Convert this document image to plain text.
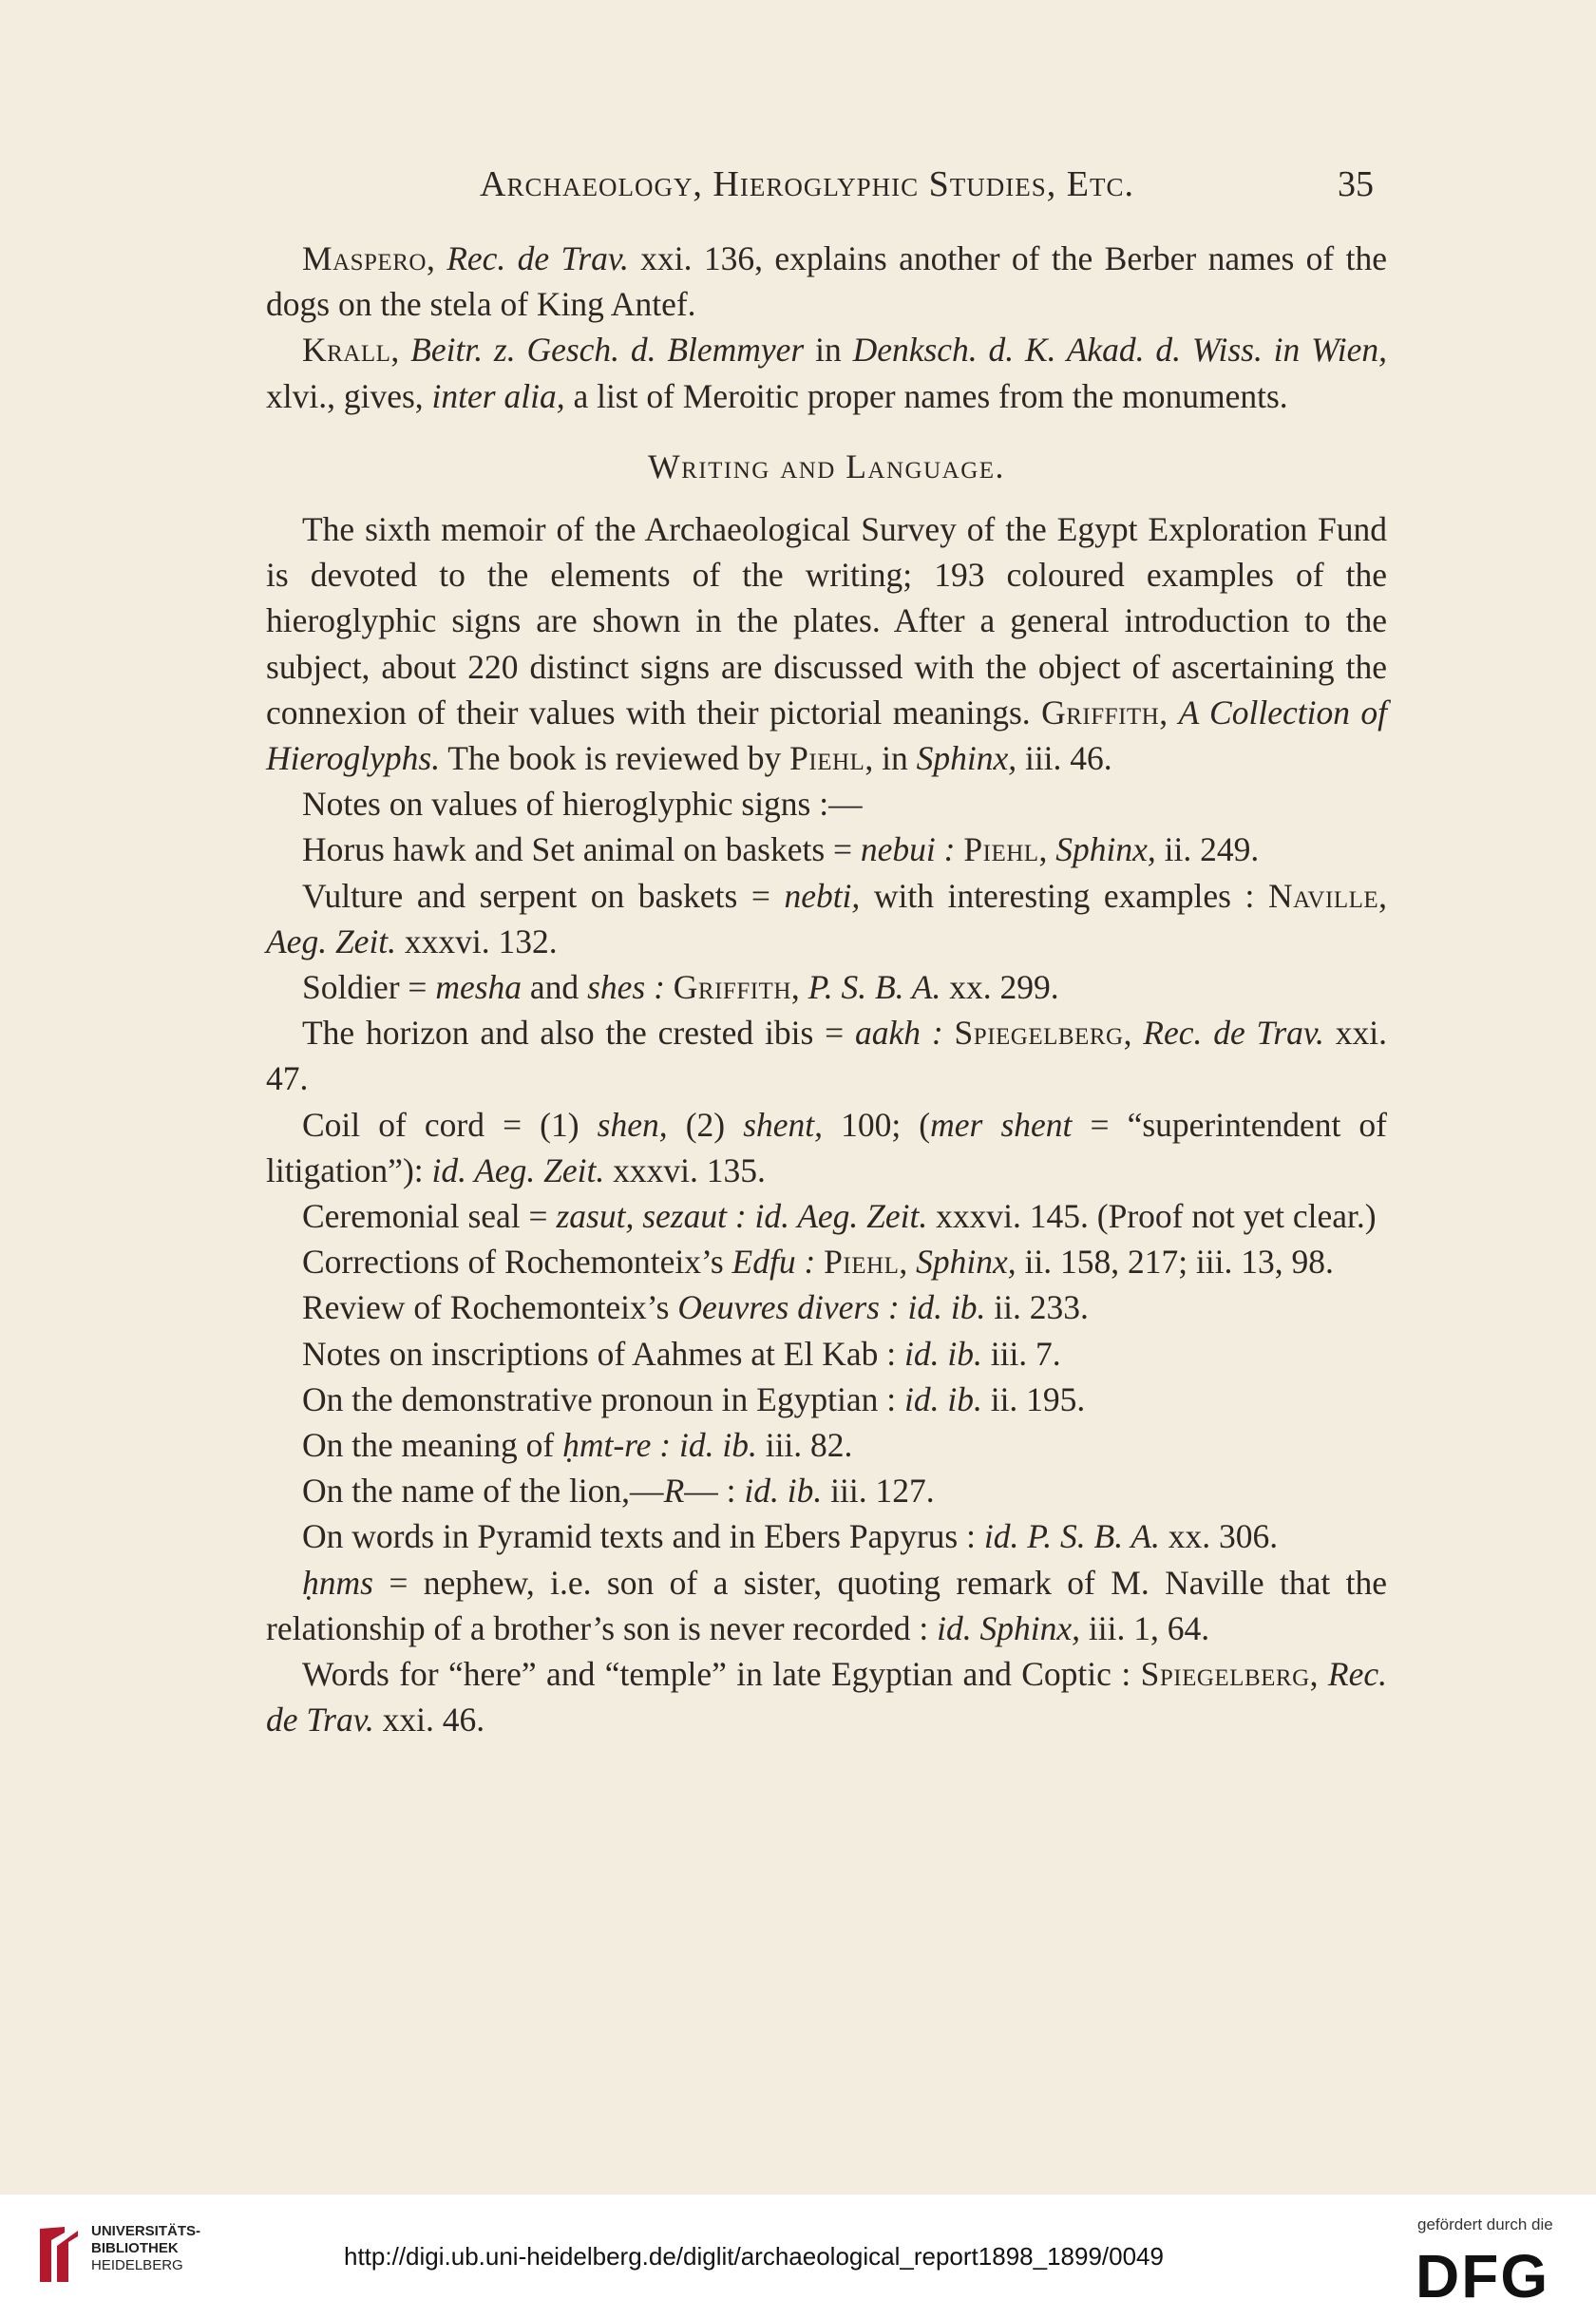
Archaeology, Hieroglyphic Studies, Etc.	35

Maspero, Rec. de Trav. xxi. 136, explains another of the Berber names of the dogs on the stela of King Antef.

Krall, Beitr. z. Gesch. d. Blemmyer in Denksch. d. K. Akad. d. Wiss. in Wien, xlvi., gives, inter alia, a list of Meroitic proper names from the monuments.

Writing and Language.

The sixth memoir of the Archaeological Survey of the Egypt Exploration Fund is devoted to the elements of the writing; 193 coloured examples of the hieroglyphic signs are shown in the plates. After a general introduction to the subject, about 220 distinct signs are discussed with the object of ascertaining the connexion of their values with their pictorial meanings. Griffith, A Collection of Hieroglyphs. The book is reviewed by Piehl, in Sphinx, iii. 46.

Notes on values of hieroglyphic signs :—

Horus hawk and Set animal on baskets = nebui : Piehl, Sphinx, ii. 249.

Vulture and serpent on baskets = nebti, with interesting examples : Naville, Aeg. Zeit. xxxvi. 132.

Soldier = mesha and shes : Griffith, P. S. B. A. xx. 299.

The horizon and also the crested ibis = aakh : Spiegelberg, Rec. de Trav. xxi. 47.

Coil of cord = (1) shen, (2) shent, 100; (mer shent = “superintendent of litigation”): id. Aeg. Zeit. xxxvi. 135.

Ceremonial seal = zasut, sezaut : id. Aeg. Zeit. xxxvi. 145. (Proof not yet clear.)

Corrections of Rochemonteix’s Edfu : Piehl, Sphinx, ii. 158, 217; iii. 13, 98.

Review of Rochemonteix’s Oeuvres divers : id. ib. ii. 233.

Notes on inscriptions of Aahmes at El Kab : id. ib. iii. 7.

On the demonstrative pronoun in Egyptian : id. ib. ii. 195.

On the meaning of ḥmt-re : id. ib. iii. 82.

On the name of the lion,—R— : id. ib. iii. 127.

On words in Pyramid texts and in Ebers Papyrus : id. P. S. B. A. xx. 306.

ḥnms = nephew, i.e. son of a sister, quoting remark of M. Naville that the relationship of a brother’s son is never recorded : id. Sphinx, iii. 1, 64.

Words for “here” and “temple” in late Egyptian and Coptic : Spiegelberg, Rec. de Trav. xxi. 46.

UNIVERSITÄTS-
BIBLIOTHEK
HEIDELBERG	http://digi.ub.uni-heidelberg.de/diglit/archaeological_report1898_1899/0049
gefördert durch die
DFG
